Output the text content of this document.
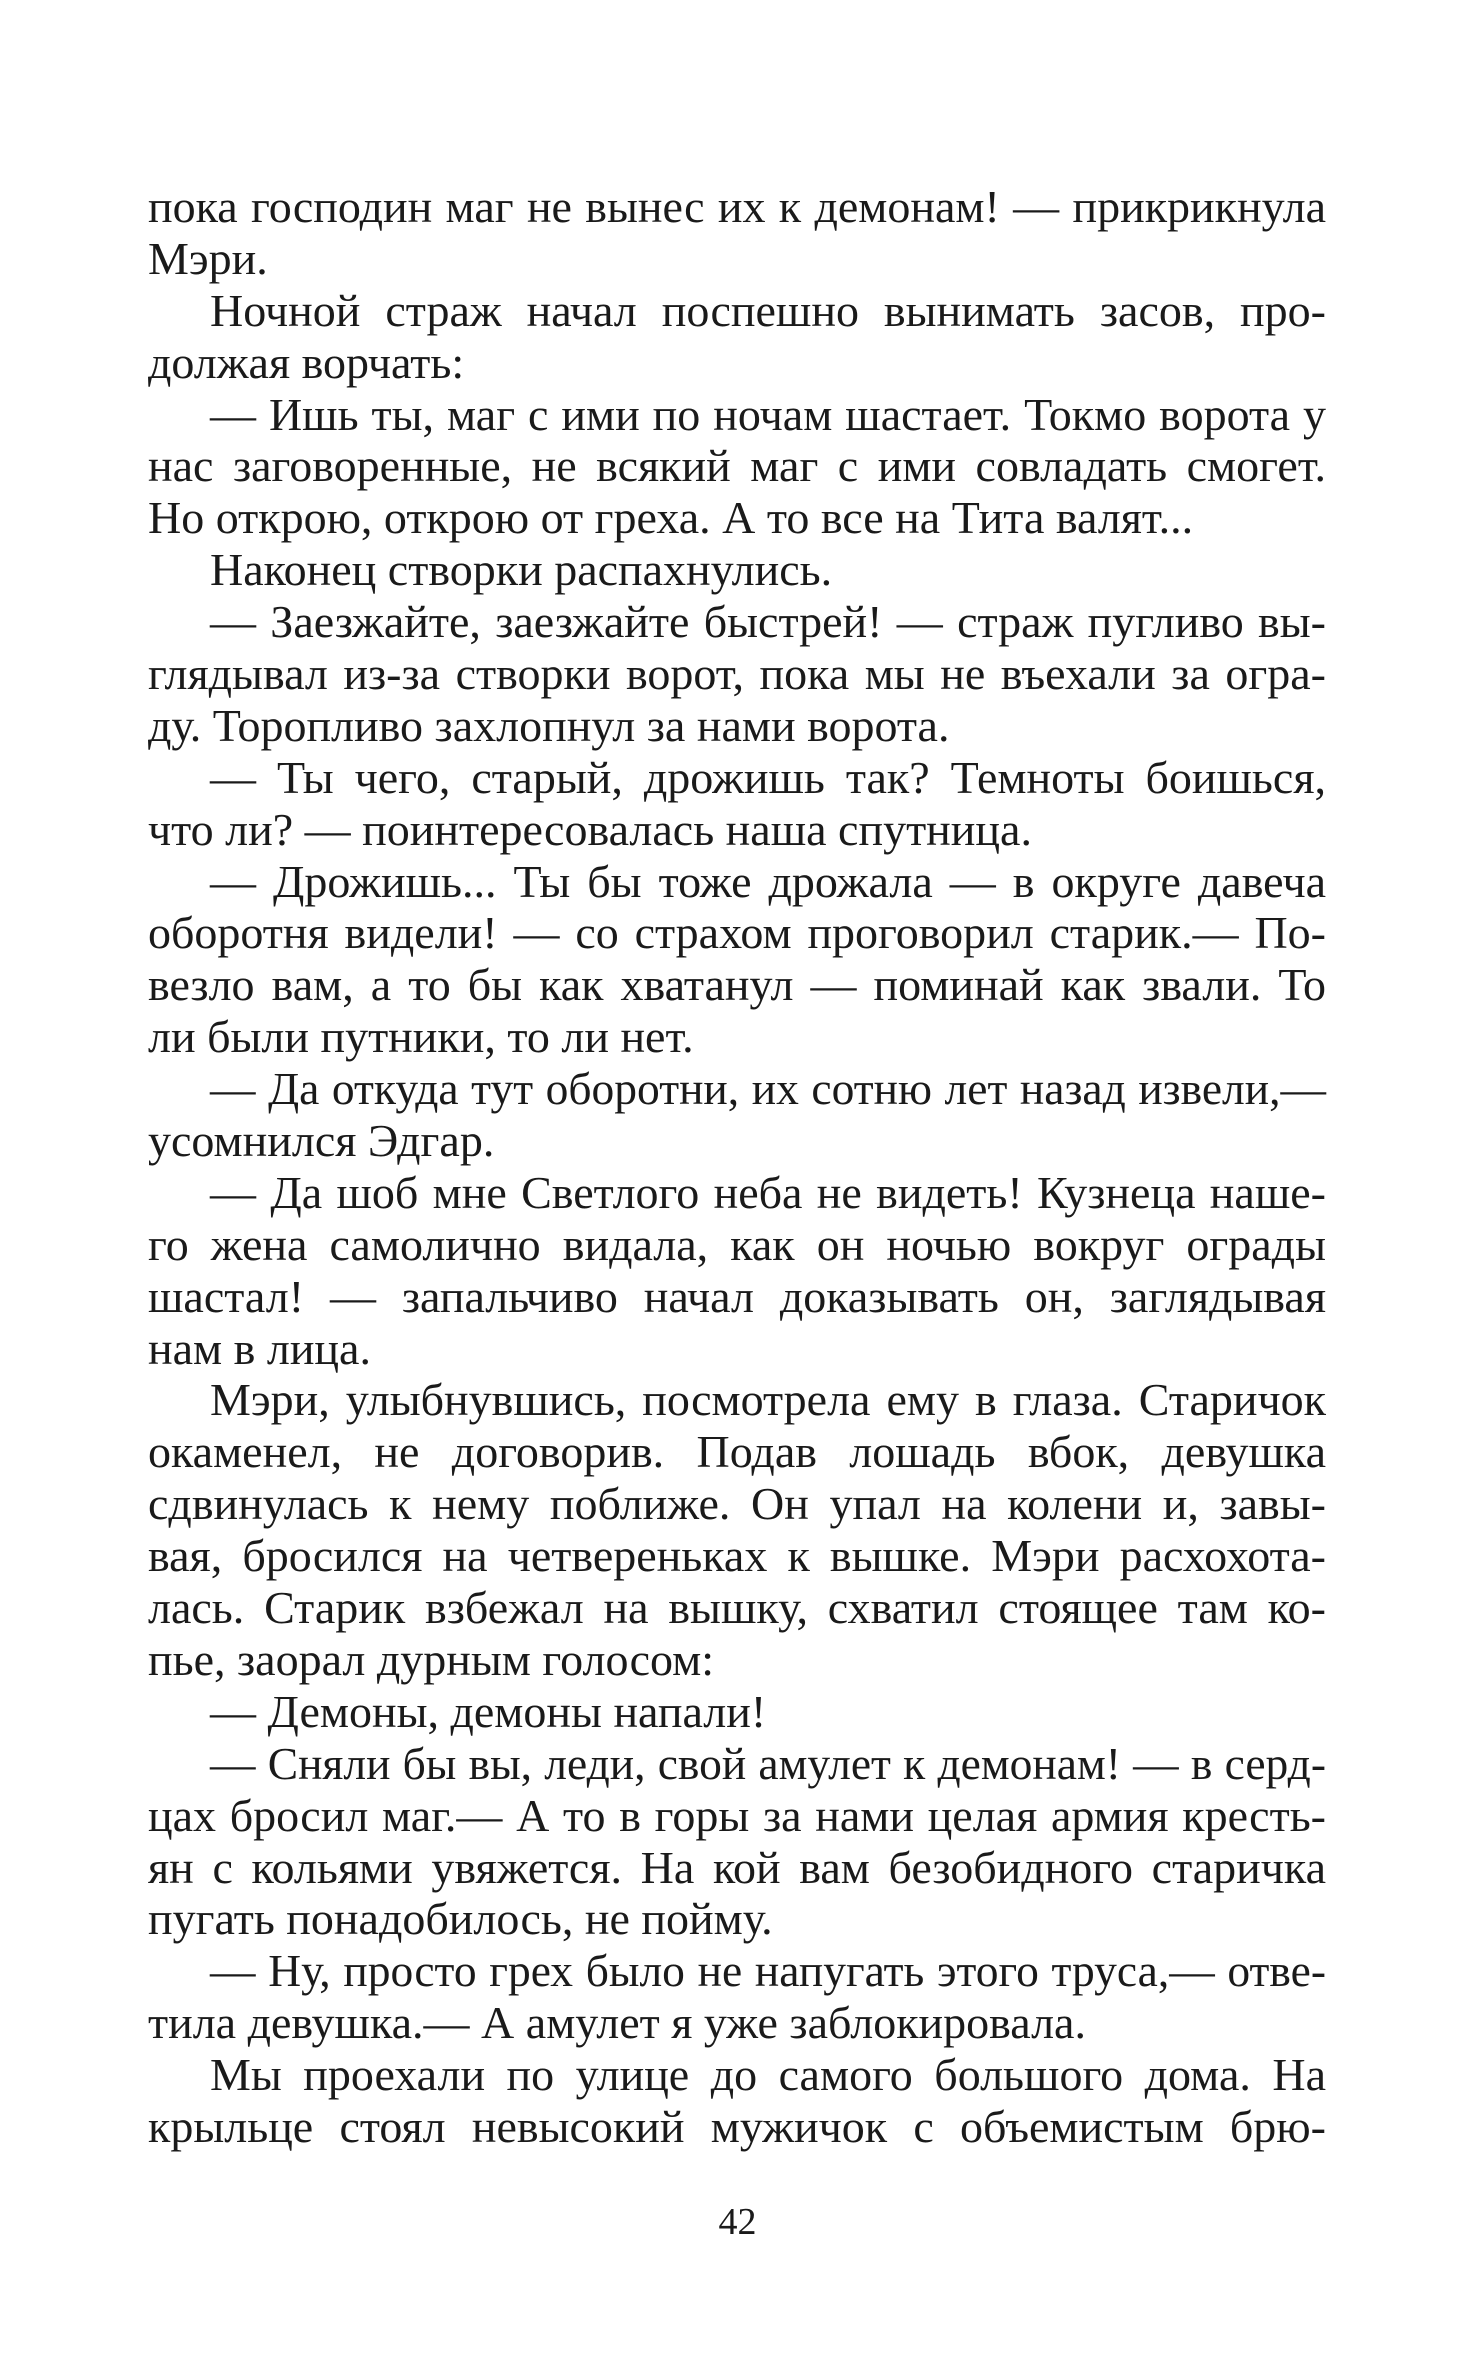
пока господин маг не вынес их к демонам! — прикрикнула
Мэри.
Ночной страж начал поспешно вынимать засов, про-
должая ворчать:
— Ишь ты, маг с ими по ночам шастает. Токмо ворота у
нас заговоренные, не всякий маг с ими совладать смогет.
Но открою, открою от греха. А то все на Тита валят...
Наконец створки распахнулись.
— Заезжайте, заезжайте быстрей! — страж пугливо вы-
глядывал из-за створки ворот, пока мы не въехали за огра-
ду. Торопливо захлопнул за нами ворота.
— Ты чего, старый, дрожишь так? Темноты боишься,
что ли? — поинтересовалась наша спутница.
— Дрожишь... Ты бы тоже дрожала — в округе давеча
оборотня видели! — со страхом проговорил старик.— По-
везло вам, а то бы как хватанул — поминай как звали. То
ли были путники, то ли нет.
— Да откуда тут оборотни, их сотню лет назад извели,—
усомнился Эдгар.
— Да шоб мне Светлого неба не видеть! Кузнеца наше-
го жена самолично видала, как он ночью вокруг ограды
шастал! — запальчиво начал доказывать он, заглядывая
нам в лица.
Мэри, улыбнувшись, посмотрела ему в глаза. Старичок
окаменел, не договорив. Подав лошадь вбок, девушка
сдвинулась к нему поближе. Он упал на колени и, завы-
вая, бросился на четвереньках к вышке. Мэри расхохота-
лась. Старик взбежал на вышку, схватил стоящее там ко-
пье, заорал дурным голосом:
— Демоны, демоны напали!
— Сняли бы вы, леди, свой амулет к демонам! — в серд-
цах бросил маг.— А то в горы за нами целая армия кресть-
ян с кольями увяжется. На кой вам безобидного старичка
пугать понадобилось, не пойму.
— Ну, просто грех было не напугать этого труса,— отве-
тила девушка.— А амулет я уже заблокировала.
Мы проехали по улице до самого большого дома. На
крыльце стоял невысокий мужичок с объемистым брю-
42
